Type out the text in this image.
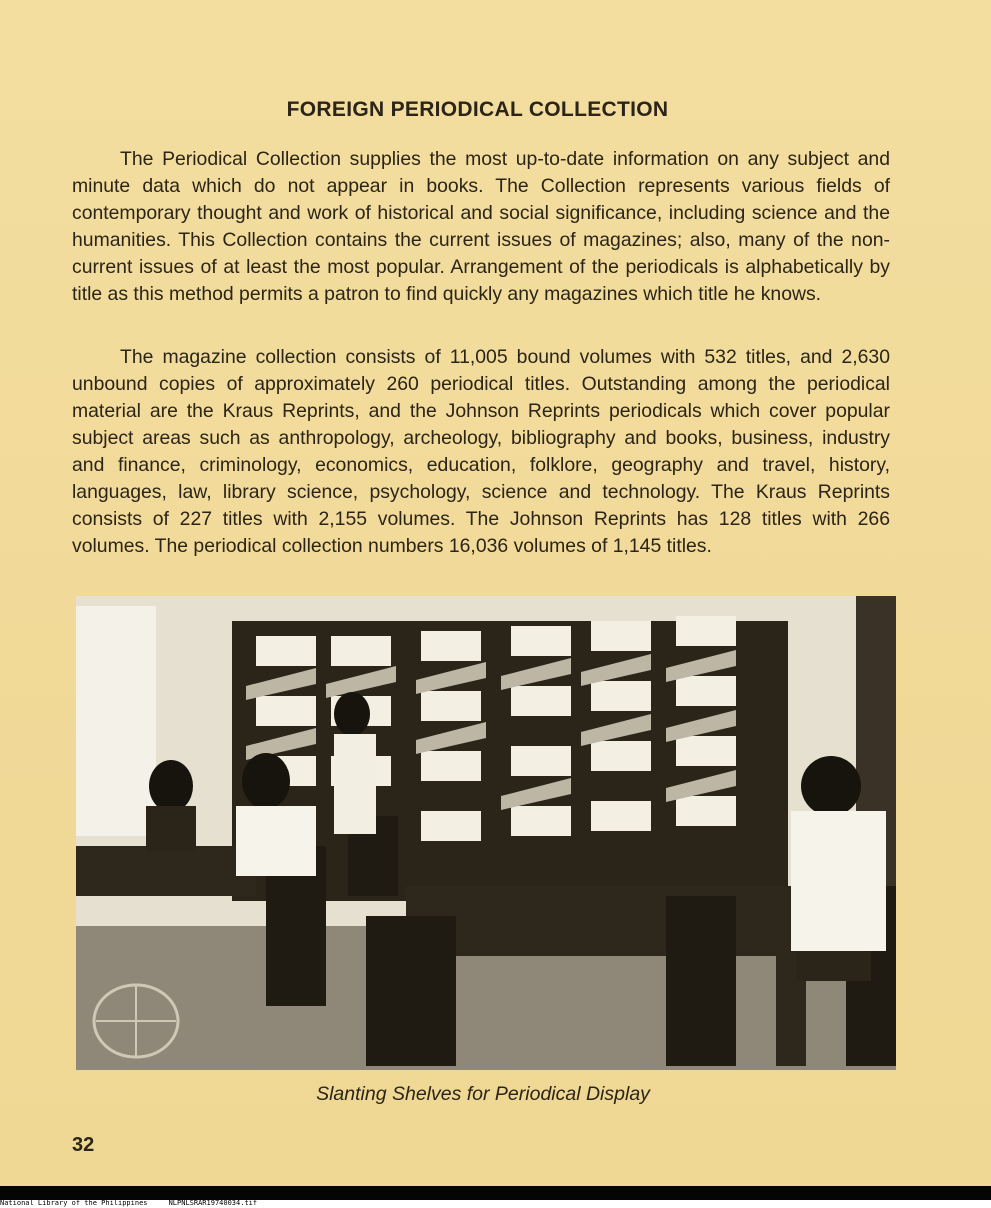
FOREIGN PERIODICAL COLLECTION

The Periodical Collection supplies the most up-to-date information on any subject and minute data which do not appear in books. The Collection represents various fields of contemporary thought and work of historical and social significance, including science and the humanities. This Collection contains the current issues of magazines; also, many of the non-current issues of at least the most popular. Arrangement of the periodicals is alphabetically by title as this method permits a patron to find quickly any magazines which title he knows.

The magazine collection consists of 11,005 bound volumes with 532 titles, and 2,630 unbound copies of approximately 260 periodical titles. Outstanding among the periodical material are the Kraus Reprints, and the Johnson Reprints periodicals which cover popular subject areas such as anthropology, archeology, bibliography and books, business, industry and finance, criminology, economics, education, folklore, geography and travel, history, languages, law, library science, psychology, science and technology. The Kraus Reprints consists of 227 titles with 2,155 volumes. The Johnson Reprints has 128 titles with 266 volumes. The periodical collection numbers 16,036 volumes of 1,145 titles.

Slanting Shelves for Periodical Display
32
National Library of the Philippines	NLPNLSRAR19740034.tif
